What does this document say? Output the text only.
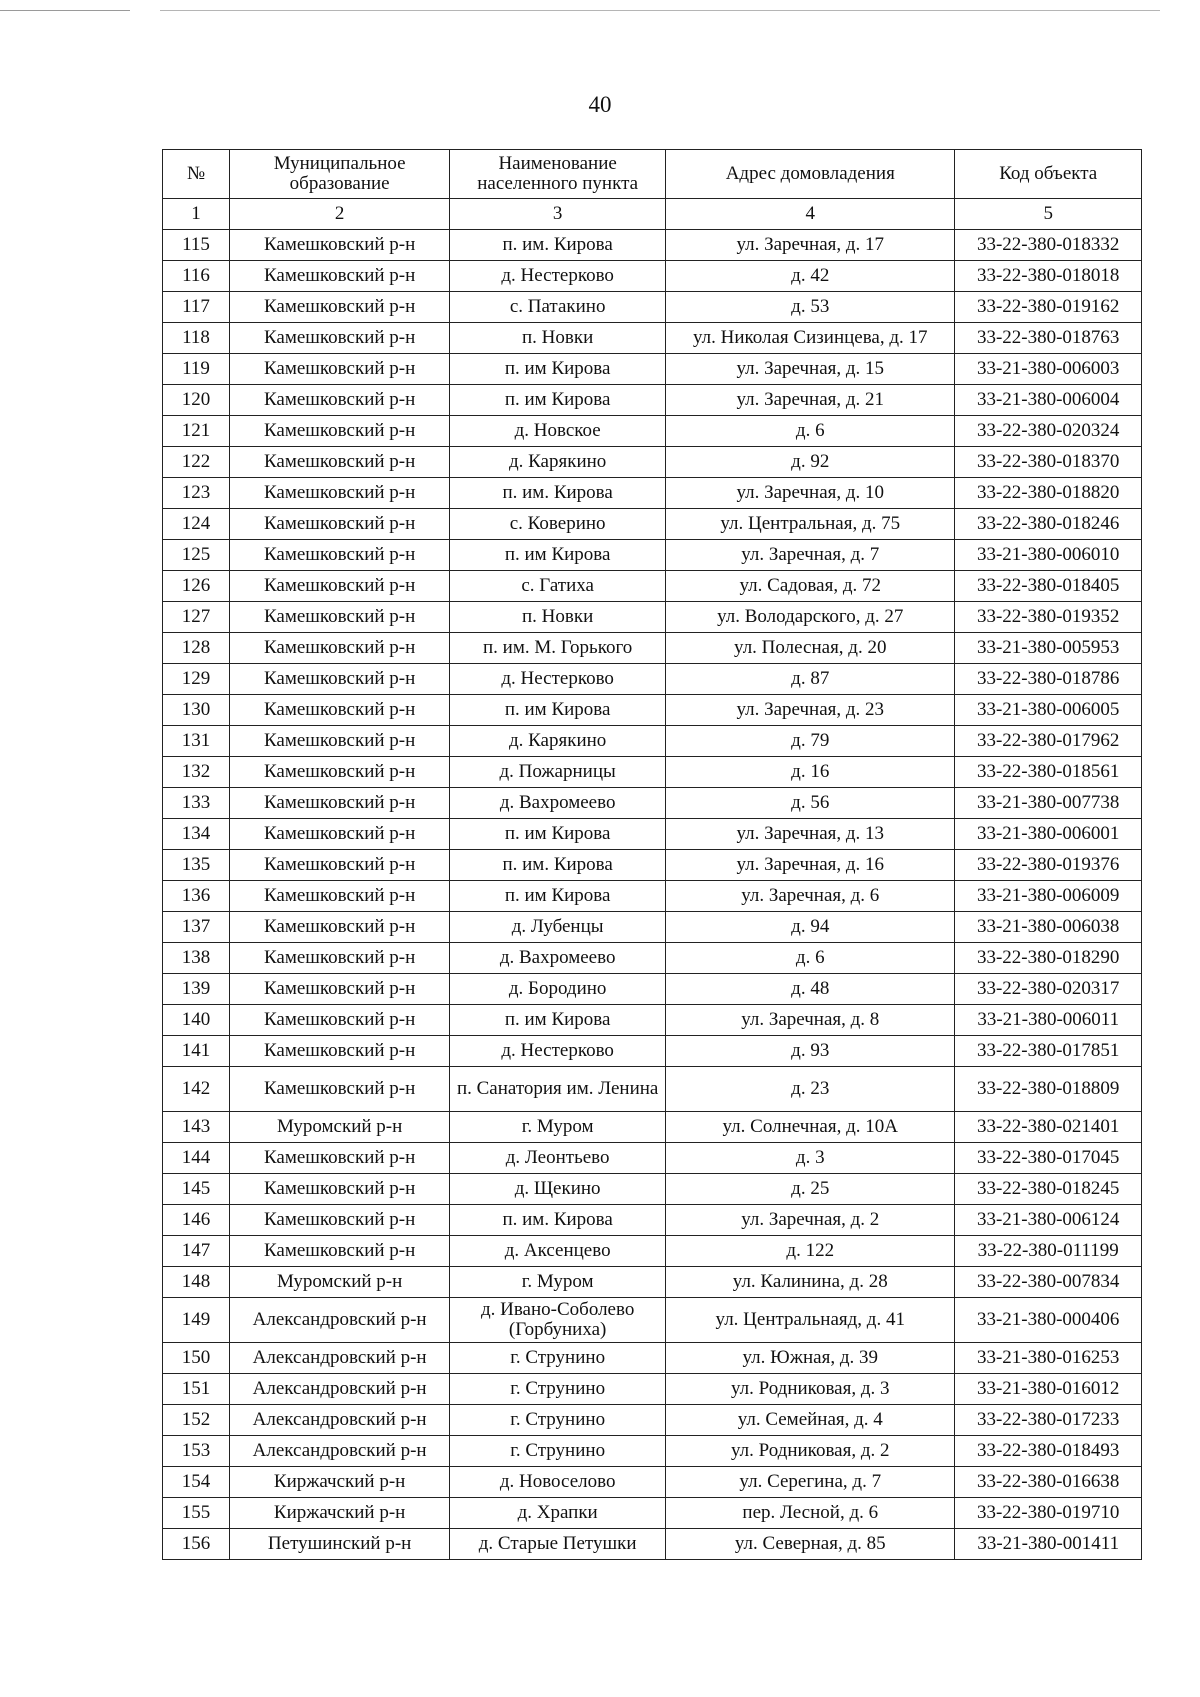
40
№	Муниципальное образование	Наименование населенного пункта	Адрес домовладения	Код объекта
1	2	3	4	5
115	Камешковский р-н	п. им. Кирова	ул. Заречная, д. 17	33-22-380-018332
116	Камешковский р-н	д. Нестерково	д. 42	33-22-380-018018
117	Камешковский р-н	с. Патакино	д. 53	33-22-380-019162
118	Камешковский р-н	п. Новки	ул. Николая Сизинцева, д. 17	33-22-380-018763
119	Камешковский р-н	п. им Кирова	ул. Заречная, д. 15	33-21-380-006003
120	Камешковский р-н	п. им Кирова	ул. Заречная, д. 21	33-21-380-006004
121	Камешковский р-н	д. Новское	д. 6	33-22-380-020324
122	Камешковский р-н	д. Карякино	д. 92	33-22-380-018370
123	Камешковский р-н	п. им. Кирова	ул. Заречная, д. 10	33-22-380-018820
124	Камешковский р-н	с. Коверино	ул. Центральная, д. 75	33-22-380-018246
125	Камешковский р-н	п. им Кирова	ул. Заречная, д. 7	33-21-380-006010
126	Камешковский р-н	с. Гатиха	ул. Садовая, д. 72	33-22-380-018405
127	Камешковский р-н	п. Новки	ул. Володарского, д. 27	33-22-380-019352
128	Камешковский р-н	п. им. М. Горького	ул. Полесная, д. 20	33-21-380-005953
129	Камешковский р-н	д. Нестерково	д. 87	33-22-380-018786
130	Камешковский р-н	п. им Кирова	ул. Заречная, д. 23	33-21-380-006005
131	Камешковский р-н	д. Карякино	д. 79	33-22-380-017962
132	Камешковский р-н	д. Пожарницы	д. 16	33-22-380-018561
133	Камешковский р-н	д. Вахромеево	д. 56	33-21-380-007738
134	Камешковский р-н	п. им Кирова	ул. Заречная, д. 13	33-21-380-006001
135	Камешковский р-н	п. им. Кирова	ул. Заречная, д. 16	33-22-380-019376
136	Камешковский р-н	п. им Кирова	ул. Заречная, д. 6	33-21-380-006009
137	Камешковский р-н	д. Лубенцы	д. 94	33-21-380-006038
138	Камешковский р-н	д. Вахромеево	д. 6	33-22-380-018290
139	Камешковский р-н	д. Бородино	д. 48	33-22-380-020317
140	Камешковский р-н	п. им Кирова	ул. Заречная, д. 8	33-21-380-006011
141	Камешковский р-н	д. Нестерково	д. 93	33-22-380-017851
142	Камешковский р-н	п. Санатория им. Ленина	д. 23	33-22-380-018809
143	Муромский р-н	г. Муром	ул. Солнечная, д. 10А	33-22-380-021401
144	Камешковский р-н	д. Леонтьево	д. 3	33-22-380-017045
145	Камешковский р-н	д. Щекино	д. 25	33-22-380-018245
146	Камешковский р-н	п. им. Кирова	ул. Заречная, д. 2	33-21-380-006124
147	Камешковский р-н	д. Аксенцево	д. 122	33-22-380-011199
148	Муромский р-н	г. Муром	ул. Калинина, д. 28	33-22-380-007834
149	Александровский р-н	д. Ивано-Соболево (Горбуниха)	ул. Центральнаяд, д. 41	33-21-380-000406
150	Александровский р-н	г. Струнино	ул. Южная, д. 39	33-21-380-016253
151	Александровский р-н	г. Струнино	ул. Родниковая, д. 3	33-21-380-016012
152	Александровский р-н	г. Струнино	ул. Семейная, д. 4	33-22-380-017233
153	Александровский р-н	г. Струнино	ул. Родниковая, д. 2	33-22-380-018493
154	Киржачский р-н	д. Новоселово	ул. Серегина, д. 7	33-22-380-016638
155	Киржачский р-н	д. Храпки	пер. Лесной, д. 6	33-22-380-019710
156	Петушинский р-н	д. Старые Петушки	ул. Северная, д. 85	33-21-380-001411
